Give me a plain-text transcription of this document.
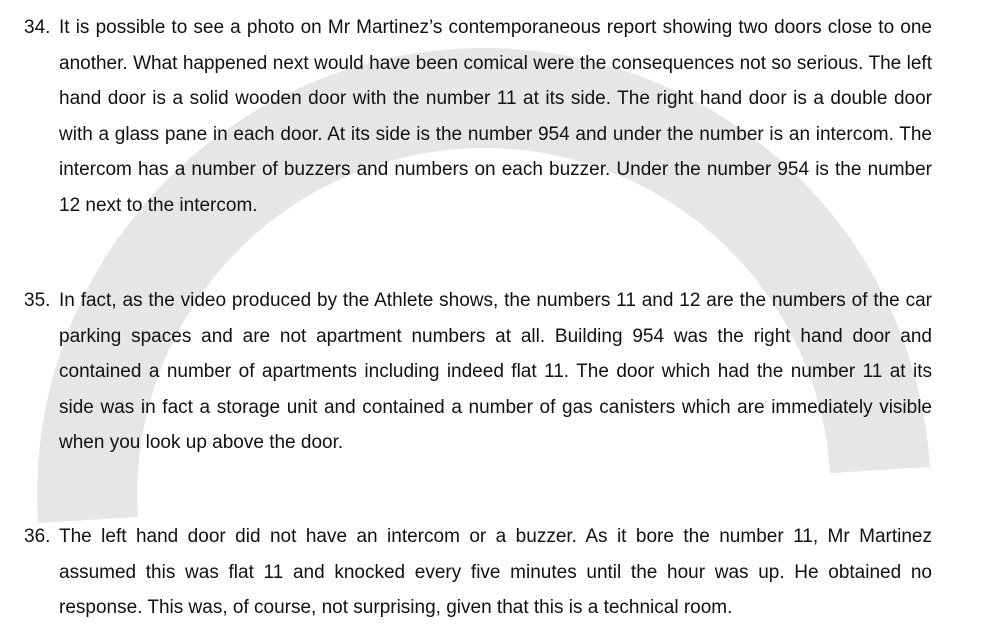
34. It is possible to see a photo on Mr Martinez’s contemporaneous report showing two doors close to one another. What happened next would have been comical were the consequences not so serious. The left hand door is a solid wooden door with the number 11 at its side. The right hand door is a double door with a glass pane in each door. At its side is the number 954 and under the number is an intercom. The intercom has a number of buzzers and numbers on each buzzer. Under the number 954 is the number 12 next to the intercom.

35. In fact, as the video produced by the Athlete shows, the numbers 11 and 12 are the numbers of the car parking spaces and are not apartment numbers at all. Building 954 was the right hand door and contained a number of apartments including indeed flat 11. The door which had the number 11 at its side was in fact a storage unit and contained a number of gas canisters which are immediately visible when you look up above the door.

36. The left hand door did not have an intercom or a buzzer. As it bore the number 11, Mr Martinez assumed this was flat 11 and knocked every five minutes until the hour was up. He obtained no response. This was, of course, not surprising, given that this is a technical room.
